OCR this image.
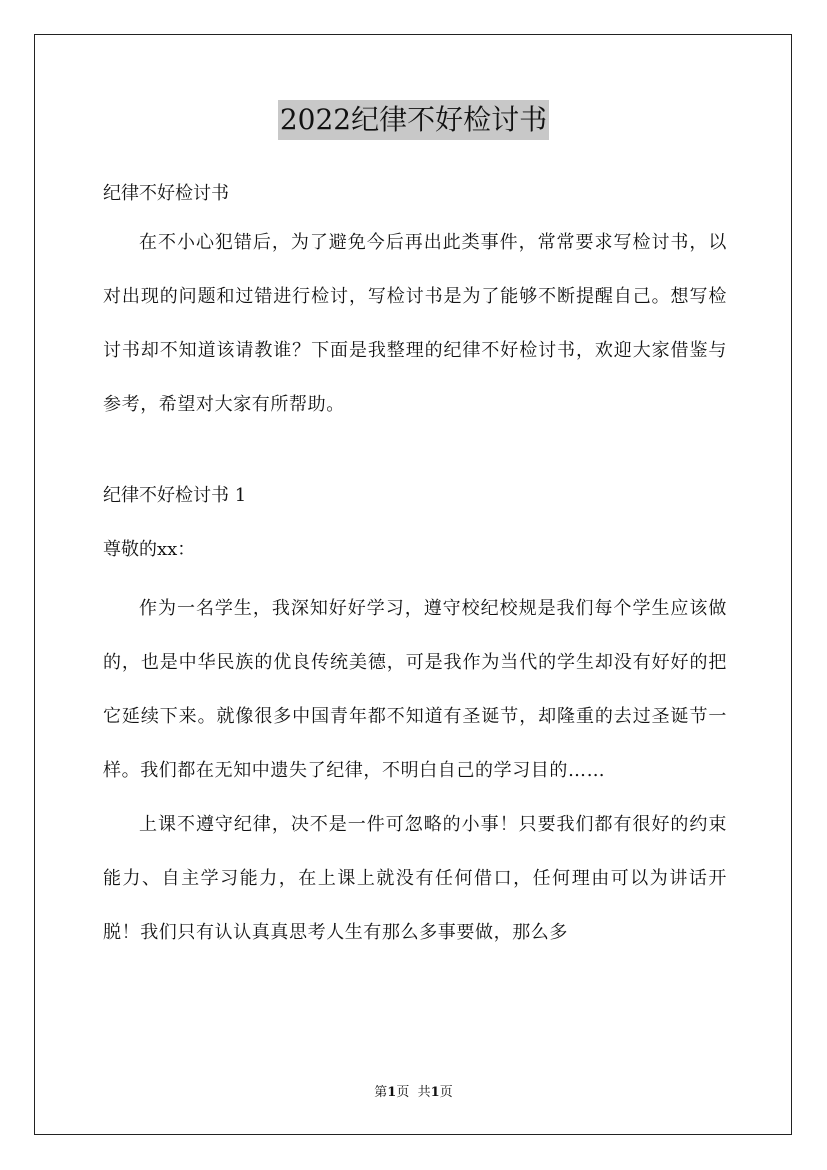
2022纪律不好检讨书

纪律不好检讨书

在不小心犯错后，为了避免今后再出此类事件，常常要求写检讨书，以对出现的问题和过错进行检讨，写检讨书是为了能够不断提醒自己。想写检讨书却不知道该请教谁？下面是我整理的纪律不好检讨书，欢迎大家借鉴与参考，希望对大家有所帮助。

纪律不好检讨书 1

尊敬的xx：

作为一名学生，我深知好好学习，遵守校纪校规是我们每个学生应该做的，也是中华民族的优良传统美德，可是我作为当代的学生却没有好好的把它延续下来。就像很多中国青年都不知道有圣诞节，却隆重的去过圣诞节一样。我们都在无知中遗失了纪律，不明白自己的学习目的……

上课不遵守纪律，决不是一件可忽略的小事！只要我们都有很好的约束能力、自主学习能力，在上课上就没有任何借口，任何理由可以为讲话开脱！我们只有认认真真思考人生有那么多事要做，那么多

第1页 共1页
